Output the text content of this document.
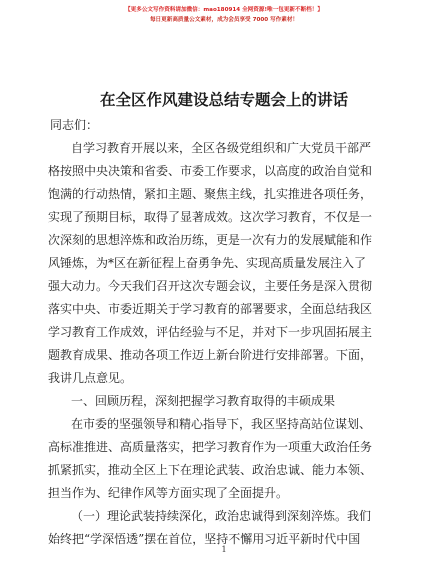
【更多公文写作资料请加微信：mao180914 全网资源!唯一包更新不断档！】
每日更新高质量公文素材，成为会员享受 7000 写作素材！
在全区作风建设总结专题会上的讲话
同志们：
自学习教育开展以来，全区各级党组织和广大党员干部严
格按照中央决策和省委、市委工作要求，以高度的政治自觉和
饱满的行动热情，紧扣主题、聚焦主线，扎实推进各项任务，
实现了预期目标，取得了显著成效。这次学习教育，不仅是一
次深刻的思想淬炼和政治历练，更是一次有力的发展赋能和作
风锤炼，为*区在新征程上奋勇争先、实现高质量发展注入了
强大动力。今天我们召开这次专题会议，主要任务是深入贯彻
落实中央、市委近期关于学习教育的部署要求，全面总结我区
学习教育工作成效，评估经验与不足，并对下一步巩固拓展主
题教育成果、推动各项工作迈上新台阶进行安排部署。下面，
我讲几点意见。
一、回顾历程，深刻把握学习教育取得的丰硕成果
在市委的坚强领导和精心指导下，我区坚持高站位谋划、
高标准推进、高质量落实，把学习教育作为一项重大政治任务
抓紧抓实，推动全区上下在理论武装、政治忠诚、能力本领、
担当作为、纪律作风等方面实现了全面提升。
（一）理论武装持续深化，政治忠诚得到深刻淬炼。我们
始终把“学深悟透”摆在首位，坚持不懈用习近平新时代中国
1
